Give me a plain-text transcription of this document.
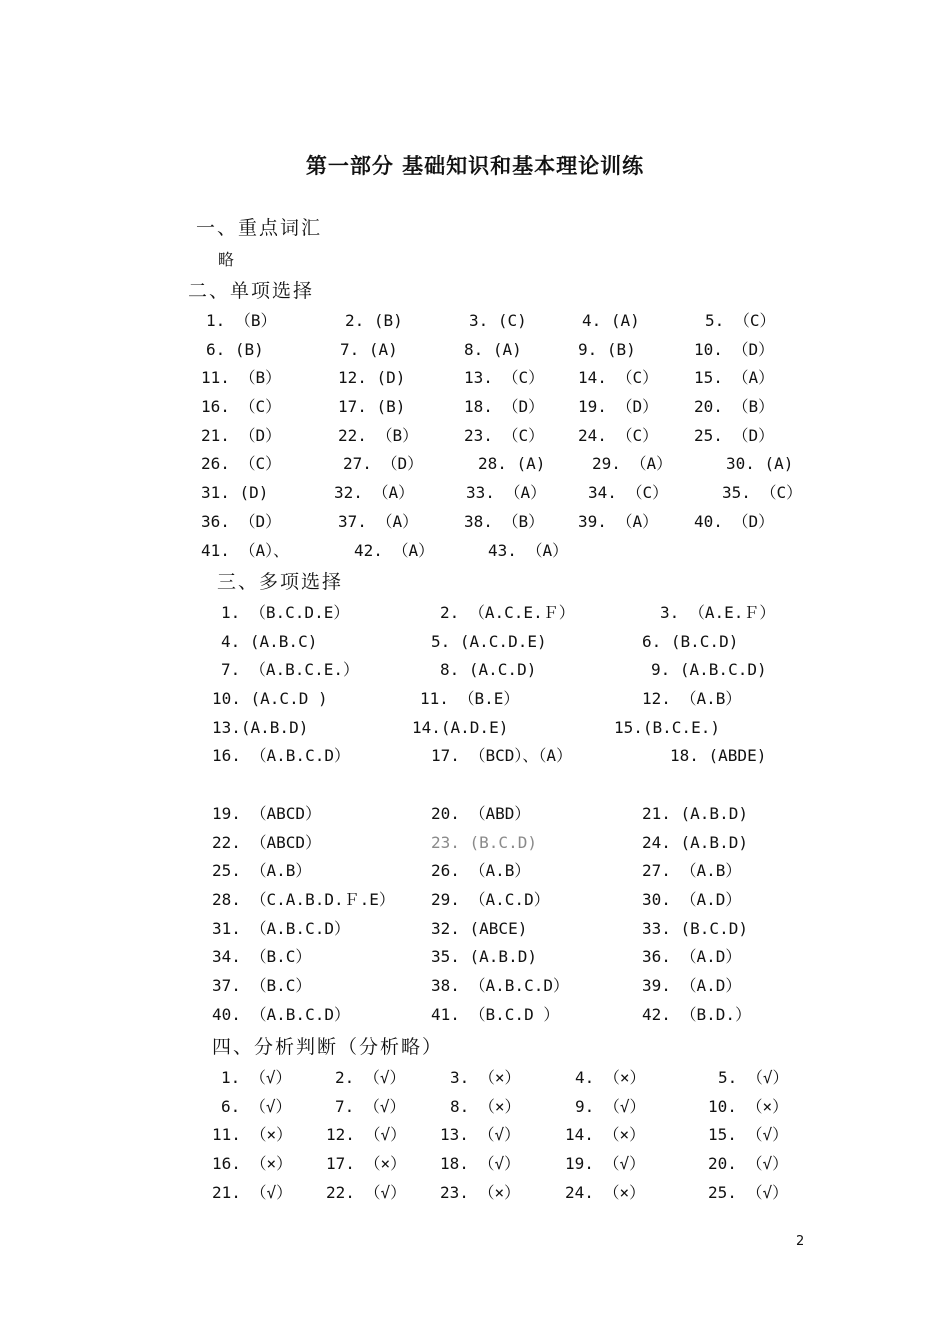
第一部分 基础知识和基本理论训练
一、重点词汇
略
二、单项选择
1. （B）	2. (B)	3. (C)	4. (A)	5. （C）
6. (B)	7. (A)	8. (A)	9. (B)	10. （D）
11. （B）	12. (D)	13. （C） 14. （C） 15. （A）
16. （C）	17. (B)	18. （D） 19. （D） 20. （B）
21. （D）	22. （B）	23. （C） 24. （C） 25. （D）
26. （C）	27. （D）	28. (A)	29. （A）	30. (A)
31. (D)	32. （A）	33. （A）	34. （C）	35. （C）
36. （D）	37. （A）	38. （B） 39. （A） 40. （D）
41. （A）、	42. （A）	43. （A）
三、多项选择
1. （B.C.D.E）	2. （A.C.E.Ｆ）	3. （A.E.Ｆ）
4. (A.B.C)	5. (A.C.D.E)	6. (B.C.D)
7. （A.B.C.E.）	8. (A.C.D)	9. (A.B.C.D)
10. (A.C.D )	11. （B.E）	12. （A.B）
13.(A.B.D)	14.(A.D.E)	15.(B.C.E.)
16. （A.B.C.D）	17. （BCD）、（A）	18. (ABDE)
19. （ABCD）	20. （ABD）	21. (A.B.D)
22. （ABCD）	23. (B.C.D)	24. (A.B.D)
25. （A.B）	26. （A.B）	27. （A.B）
28. （C.A.B.D.Ｆ.E） 29. （A.C.D）	30. （A.D）
31. （A.B.C.D）	32. (ABCE)	33. (B.C.D)
34. （B.C）	35. (A.B.D)	36. （A.D）
37. （B.C）	38. （A.B.C.D）	39. （A.D）
40. （A.B.C.D）	41. （B.C.D ）	42. （B.D.）
四、分析判断（分析略）
1. （√）	2. （√）	3. （×）	4. （×）	5. （√）
6. （√）	7. （√）	8. （×）	9. （√）	10. （×）
11. （×） 12. （√） 13. （√）	14. （×）	15. （√）
16. （×） 17. （×） 18. （√）	19. （√）	20. （√）
21. （√） 22. （√） 23. （×）	24. （×）	25. （√）
2
